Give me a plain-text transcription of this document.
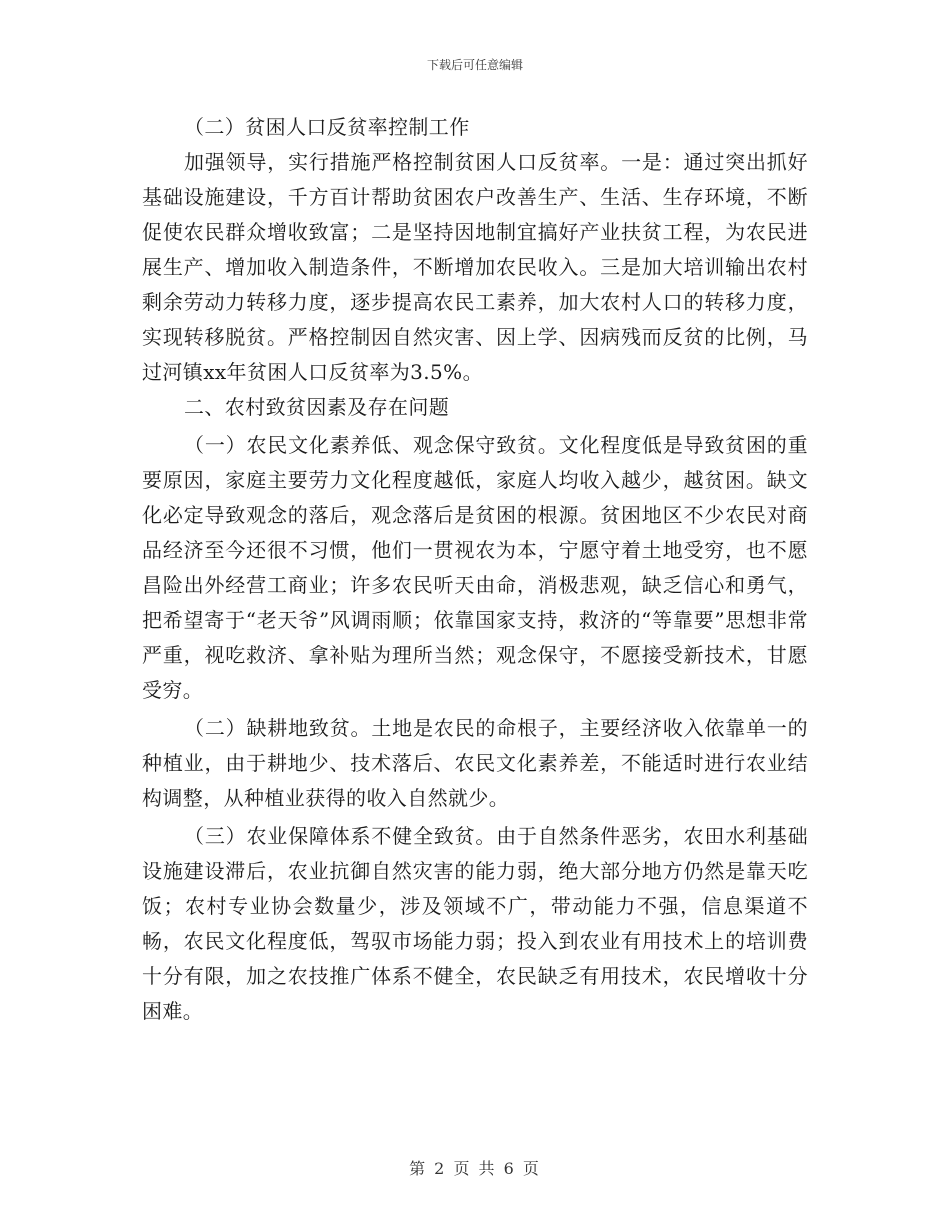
下载后可任意编辑

（二）贫困人口反贫率控制工作

加强领导，实行措施严格控制贫困人口反贫率。一是：通过突出抓好基础设施建设，千方百计帮助贫困农户改善生产、生活、生存环境，不断促使农民群众增收致富；二是坚持因地制宜搞好产业扶贫工程，为农民进展生产、增加收入制造条件，不断增加农民收入。三是加大培训输出农村剩余劳动力转移力度，逐步提高农民工素养，加大农村人口的转移力度，实现转移脱贫。严格控制因自然灾害、因上学、因病残而反贫的比例，马过河镇xx年贫困人口反贫率为3.5%。

二、农村致贫因素及存在问题

（一）农民文化素养低、观念保守致贫。文化程度低是导致贫困的重要原因，家庭主要劳力文化程度越低，家庭人均收入越少，越贫困。缺文化必定导致观念的落后，观念落后是贫困的根源。贫困地区不少农民对商品经济至今还很不习惯，他们一贯视农为本，宁愿守着土地受穷，也不愿昌险出外经营工商业；许多农民听天由命，消极悲观，缺乏信心和勇气，把希望寄于“老天爷”风调雨顺；依靠国家支持，救济的“等靠要”思想非常严重，视吃救济、拿补贴为理所当然；观念保守，不愿接受新技术，甘愿受穷。

（二）缺耕地致贫。土地是农民的命根子，主要经济收入依靠单一的种植业，由于耕地少、技术落后、农民文化素养差，不能适时进行农业结构调整，从种植业获得的收入自然就少。

（三）农业保障体系不健全致贫。由于自然条件恶劣，农田水利基础设施建设滞后，农业抗御自然灾害的能力弱，绝大部分地方仍然是靠天吃饭；农村专业协会数量少，涉及领域不广，带动能力不强，信息渠道不畅，农民文化程度低，驾驭市场能力弱；投入到农业有用技术上的培训费十分有限，加之农技推广体系不健全，农民缺乏有用技术，农民增收十分困难。

第 2 页 共 6 页
